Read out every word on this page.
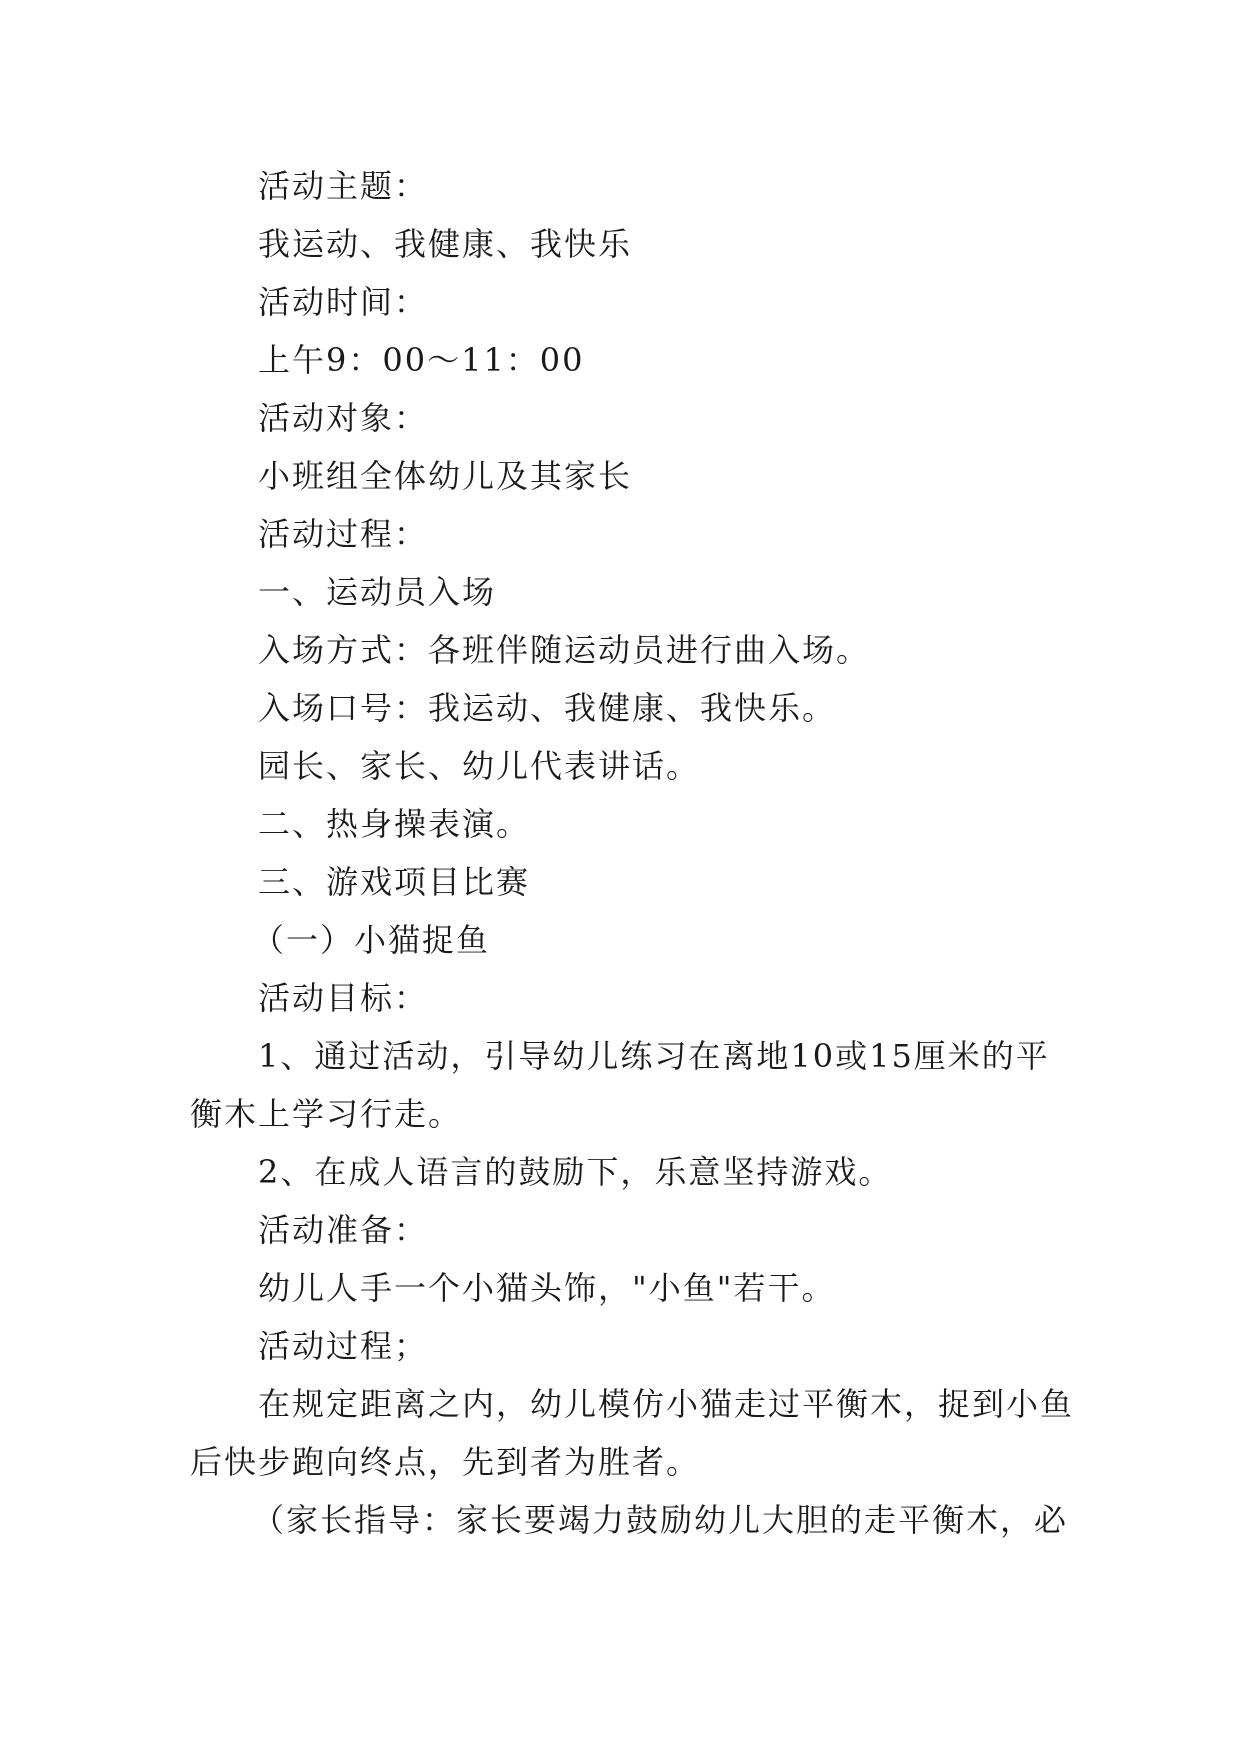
活动主题：
我运动、我健康、我快乐
活动时间：
上午9：00～11：00
活动对象：
小班组全体幼儿及其家长
活动过程：
一、运动员入场
入场方式：各班伴随运动员进行曲入场。
入场口号：我运动、我健康、我快乐。
园长、家长、幼儿代表讲话。
二、热身操表演。
三、游戏项目比赛
（一）小猫捉鱼
活动目标：
1、通过活动，引导幼儿练习在离地10或15厘米的平
衡木上学习行走。
2、在成人语言的鼓励下，乐意坚持游戏。
活动准备：
幼儿人手一个小猫头饰，"小鱼"若干。
活动过程；
在规定距离之内，幼儿模仿小猫走过平衡木，捉到小鱼
后快步跑向终点，先到者为胜者。
（家长指导：家长要竭力鼓励幼儿大胆的走平衡木，必
